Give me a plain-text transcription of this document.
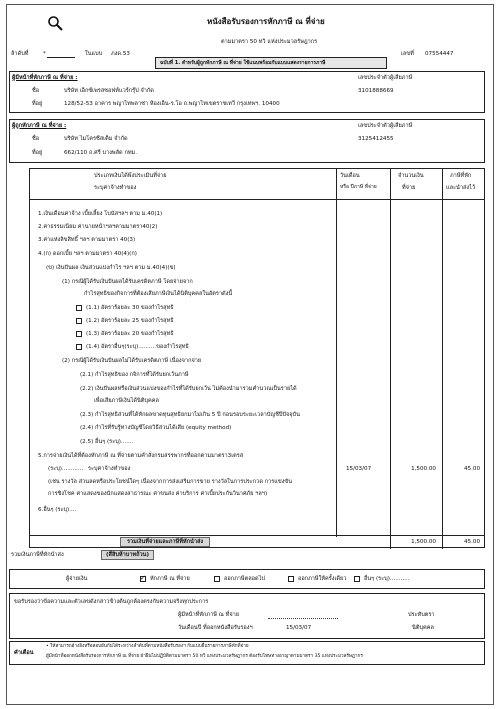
หนังสือรับรองการหักภาษี ณ ที่จ่าย
ตามมาตรา 50 ทวิ แห่งประมวลรัษฎากร
ล้าดับที่	*	ในแบบ ภงด.53	เลขที่ 07554447
ฉบับที่ 1. สำหรับผู้ถูกหักภาษี ณ ที่จ่าย ใช้แนบพร้อมกับแบบแสดงรายการภาษี
ผู้มีหน้าที่หักภาษี ณ ที่จ่าย :
ชื่อ	บริษัท เอ็กซ์เพรสซอฟท์แวร์กรุ๊ป จำกัด
ที่อยู่	128/52-53 อาคาร พญาไทพลาซ่า ห้องเอ็น-ร.โอ ถ.พญาไทเขตราชเทวี กรุงเทพฯ. 10400
เลขประจำตัวผู้เสียภาษี
3101888669
ผู้ถูกหักภาษี ณ ที่จ่าย :
ชื่อ	บริษัท ไมโครซีสเต็ม จำกัด
ที่อยู่	662/110 ถ.ศรี บางพลัด กทม.
เลขประจำตัวผู้เสียภาษี
3125412455
ประเภทเงินได้พึงประเมินที่จ่าย
ระบุค่าจ้างทำของ
วันเดือน
หรือ ปีภาษี ที่จ่าย
จำนวนเงิน
ที่จ่าย
ภาษีที่หัก
และนำส่งไว้
1.เงินเดือนค่าจ้าง เบี้ยเลี้ยง โบนัสฯลฯ ตาม ม.40(1)
2.ค่าธรรมเนียม ค่านายหน้าฯลฯตามมาตรา40(2)
3.ค่าแห่งลิขสิทธิ์ ฯลฯ ตามมาตรา 40(3)
4.(ก) ดอกเบี้ย ฯลฯ ตามมาตรา 40(4)(ก)
(ข) เงินปันผล เงินส่วนแบ่งกำไร ฯลฯ ตาม ม.40(4)(ข)
(1) กรณีผู้ได้รับเงินปันผลได้รับเครดิตภาษี โดยจ่ายจาก
กำไรสุทธิของกิจการที่ต้องเสียภาษีเงินได้นิติบุคคลในอัตราดังนี้
(1.1) อัตราร้อยละ 30 ของกำไรสุทธิ
(1.2) อัตราร้อยละ 25 ของกำไรสุทธิ
(1.3) อัตราร้อยละ 20 ของกำไรสุทธิ
(1.4) อัตราอื่นๆ(ระบุ)..........ของกำไรสุทธิ
(2) กรณีผู้ได้รับเงินปันผลไม่ได้รับเครดิตภาษี เนื่องจากจ่าย
(2.1) กำไรสุทธิของ กจิการที่ได้รับยกเว้นภาษี
(2.2) เงินปันผลหรือเงินส่วนแบ่งของกำไรที่ได้รับยกเว้น ไม่ต้องนำมารวมคำนวณเป็นรายได้
เพื่อเสียภาษีเงินได้นิติบุคคล
(2.3) กำไรสุทธิส่วนที่ได้หักผลขาดทุนสุทธิยกมาไม่เกิน 5 ปี ก่อนรอบระยะเวลาบัญชีปีปัจจุบัน
(2.4) กำไรที่รับรู้ทางบัญชีโดยวิธีส่วนได้เสีย (equity method)
(2.5) อื่นๆ (ระบุ).......
5.การจ่ายเงินได้ที่ต้องหักภาษี ณ ที่จ่ายตามคำสั่งกรมสรรพากรที่ออกตามมาตรา3เตรส
(ระบุ)............ ระบุค่าจ้างทำของ
(เช่น รางวัล ส่วนลดหรือประโยชน์ใดๆ เนื่องจากการส่งเสริมการขาย รางวัลในการประกวด การแข่งขัน
การชิงโชค ค่าแสดงของนักแสดงสาธารณะ ค่าขนส่ง ค่าบริการ ค่าเบี้ยประกันวินาศภัย ฯลฯ)
15/03/07	1,500.00	45.00
6.อื่นๆ (ระบุ)....
รวมเงินที่จ่ายและภาษีที่หักนำส่ง	1,500.00	45.00
รวมเงินภาษีที่หักนำส่ง	(สี่สิบห้าบาทถ้วน)
ผู้จ่ายเงิน
✓	หักภาษี ณ ที่จ่าย	ออกภาษีตลอดไป	ออกภาษีให้ครั้งเดียว	อื่นๆ (ระบุ)...........
ขอรับรองว่าข้อความและตัวเลขดังกล่าวข้างต้นถูกต้องตรงกับความจริงทุกประการ
ผู้มีหน้าที่หักภาษี ณ ที่จ่าย
วันเดือนปี ที่ออกหนังสือรับรองฯ	15/03/07
ประทับตรา
นิติบุคคล
คำเตือน
• ให้สามารถอ้างอิงหรือสอบยันกันได้ระหว่างลำดับที่ตามหนังสือรับรองฯ กับแบบยื่นรายการภาษีหักที่จ่าย
ผู้มีหน้าที่ออกหนังสือรับรองการหักภาษี ณ ที่จ่าย ฝ่าฝืนไม่ปฏิบัติตามมาตรา 50 ทวิ แห่งประมวลรัษฎากร ต้องรับโทษทางอาญาตามมาตรา 35 แห่งประมวลรัษฎากร
